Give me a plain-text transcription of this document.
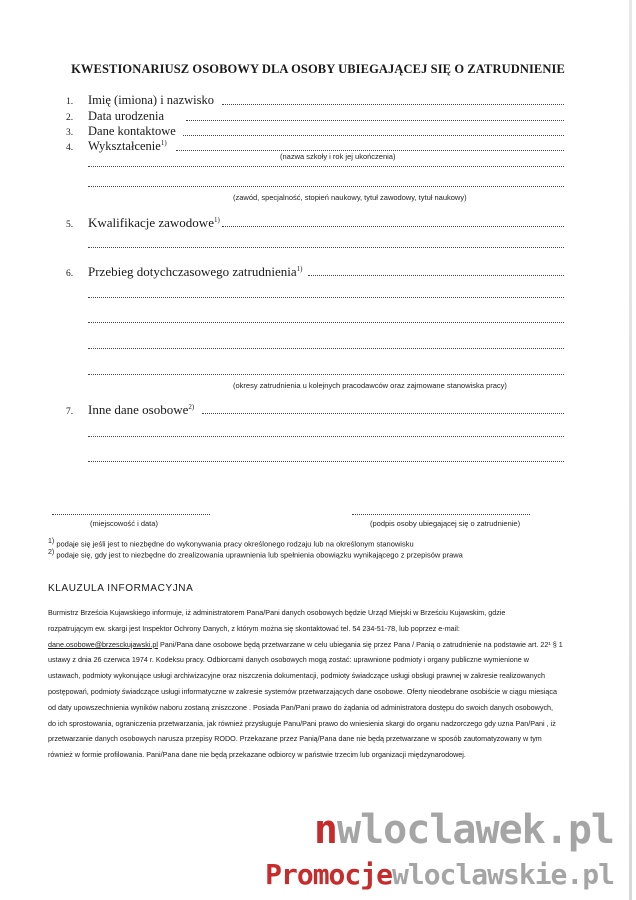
KWESTIONARIUSZ OSOBOWY DLA OSOBY UBIEGAJĄCEJ SIĘ O ZATRUDNIENIE
1. Imię (imiona) i nazwisko
2. Data urodzenia
3. Dane kontaktowe
4. Wykształcenie$^{1)}$
(nazwa szkoły i rok jej ukończenia)
(zawód, specjalność, stopień naukowy, tytuł zawodowy, tytuł naukowy)
5. Kwalifikacje zawodowe$^{1)}$
6. Przebieg dotychczasowego zatrudnienia$^{1)}$
(okresy zatrudnienia u kolejnych pracodawców oraz zajmowane stanowiska pracy)
7. Inne dane osobowe$^{2)}$
(miejscowość i data)	(podpis osoby ubiegającej się o zatrudnienie)
1) podaje się jeśli jest to niezbędne do wykonywania pracy określonego rodzaju lub na określonym stanowisku
2) podaje się, gdy jest to niezbędne do zrealizowania uprawnienia lub spełnienia obowiązku wynikającego z przepisów prawa
KLAUZULA INFORMACYJNA
Burmistrz Brześcia Kujawskiego informuje, iż administratorem Pana/Pani danych osobowych będzie Urząd Miejski w Brześciu Kujawskim, gdzie
rozpatrującym ew. skargi jest Inspektor Ochrony Danych, z którym można się skontaktować tel. 54 234-51-78, lub poprzez e-mail:
dane.osobowe@brzesckujawski.pl Pani/Pana dane osobowe będą przetwarzane w celu ubiegania się przez Pana / Panią o zatrudnienie na podstawie art. 22¹ § 1
ustawy z dnia 26 czerwca 1974 r. Kodeksu pracy. Odbiorcami danych osobowych mogą zostać: uprawnione podmioty i organy publiczne wymienione w
ustawach, podmioty wykonujące usługi archiwizacyjne oraz niszczenia dokumentacji, podmioty świadczące usługi obsługi prawnej w zakresie realizowanych
postępowań, podmioty świadczące usługi informatyczne w zakresie systemów przetwarzających dane osobowe. Oferty nieodebrane osobiście w ciągu miesiąca
od daty upowszechnienia wyników naboru zostaną zniszczone . Posiada Pan/Pani prawo do żądania od administratora dostępu do swoich danych osobowych,
do ich sprostowania, ograniczenia przetwarzania, jak również przysługuje Panu/Pani prawo do wniesienia skargi do organu nadzorczego gdy uzna Pan/Pani , iż
przetwarzanie danych osobowych narusza przepisy RODO. Przekazane przez Panią/Pana dane nie będą przetwarzane w sposób zautomatyzowany w tym
również w formie profilowania. Pani/Pana dane nie będą przekazane odbiorcy w państwie trzecim lub organizacji międzynarodowej.
nwloclawek.pl
Promocjewloclawskie.pl
